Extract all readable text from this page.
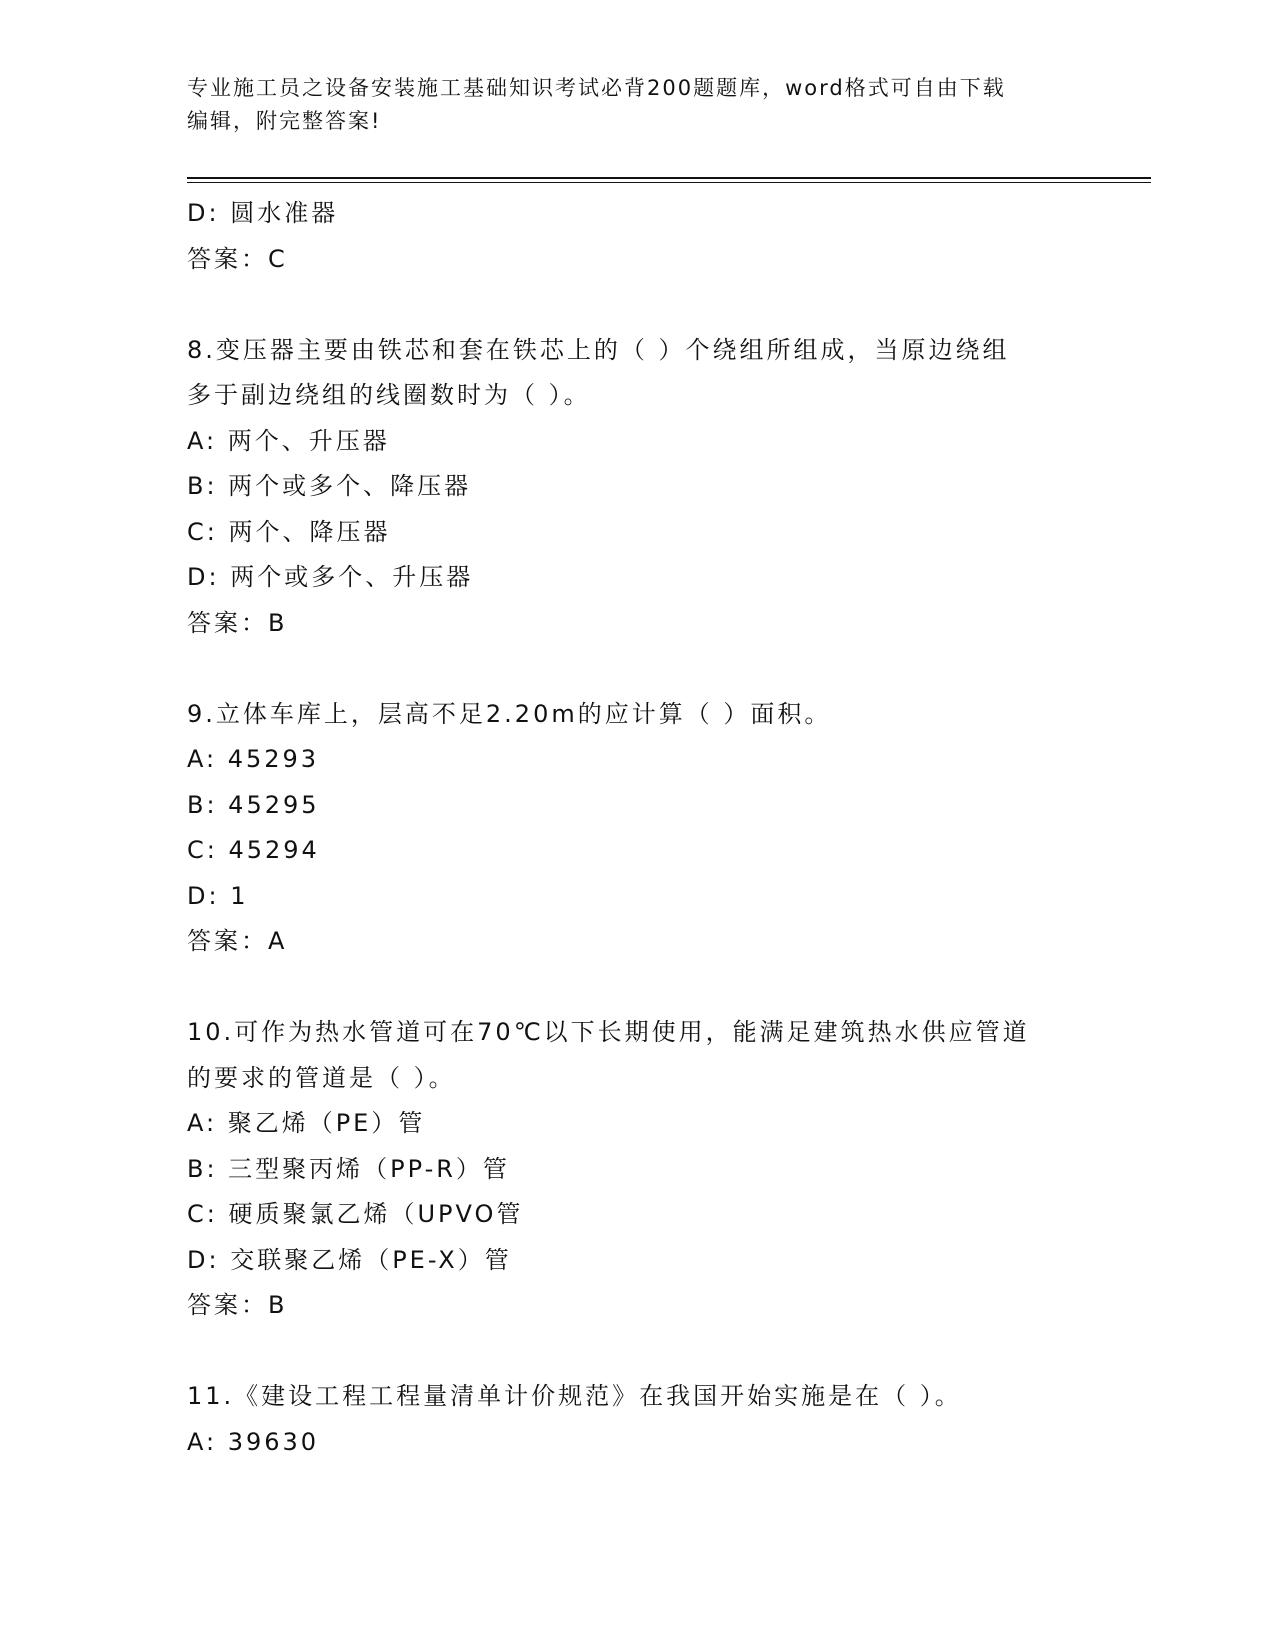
专业施工员之设备安装施工基础知识考试必背200题题库，word格式可自由下载
编辑，附完整答案!
D: 圆水准器
答案：C
8.变压器主要由铁芯和套在铁芯上的（ ）个绕组所组成，当原边绕组
多于副边绕组的线圈数时为（ ）。
A: 两个、升压器
B: 两个或多个、降压器
C: 两个、降压器
D: 两个或多个、升压器
答案：B
9.立体车库上，层高不足2.20m的应计算（ ）面积。
A: 45293
B: 45295
C: 45294
D: 1
答案：A
10.可作为热水管道可在70℃以下长期使用，能满足建筑热水供应管道
的要求的管道是（ ）。
A: 聚乙烯（PE）管
B: 三型聚丙烯（PP-R）管
C: 硬质聚氯乙烯（UPVO管
D: 交联聚乙烯（PE-X）管
答案：B
11.《建设工程工程量清单计价规范》在我国开始实施是在（ ）。
A: 39630
